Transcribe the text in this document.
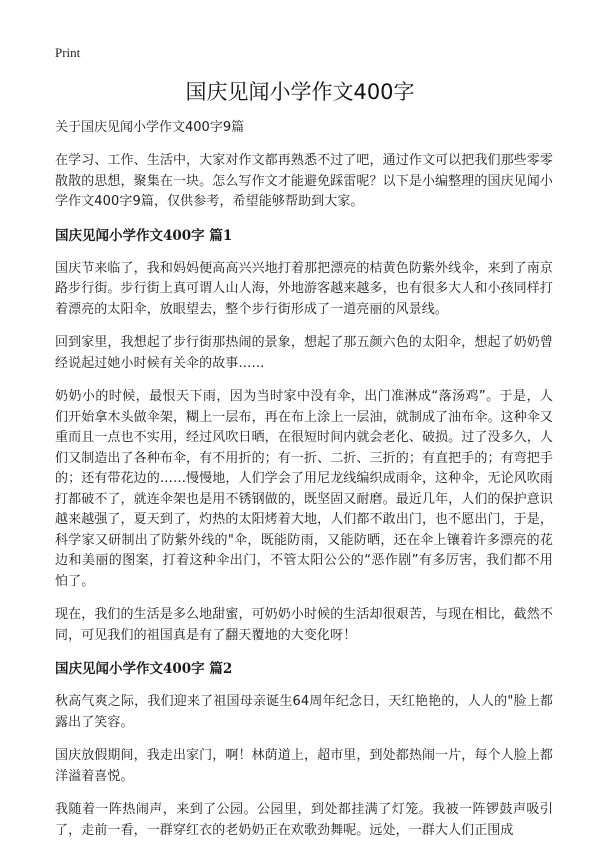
Print
国庆见闻小学作文400字

关于国庆见闻小学作文400字9篇

在学习、工作、生活中，大家对作文都再熟悉不过了吧，通过作文可以把我们那些零零散散的思想，聚集在一块。怎么写作文才能避免踩雷呢？以下是小编整理的国庆见闻小学作文400字9篇，仅供参考，希望能够帮助到大家。

国庆见闻小学作文400字 篇1

国庆节来临了，我和妈妈便高高兴兴地打着那把漂亮的桔黄色防紫外线伞，来到了南京路步行街。步行街上真可谓人山人海，外地游客越来越多，也有很多大人和小孩同样打着漂亮的太阳伞，放眼望去，整个步行街形成了一道亮丽的风景线。

回到家里，我想起了步行街那热闹的景象，想起了那五颜六色的太阳伞，想起了奶奶曾经说起过她小时候有关伞的故事……

奶奶小的时候，最恨天下雨，因为当时家中没有伞，出门准淋成“落汤鸡”。于是，人们开始拿木头做伞架，糊上一层布，再在布上涂上一层油，就制成了油布伞。这种伞又重而且一点也不实用，经过风吹日晒，在很短时间内就会老化、破损。过了没多久，人们又制造出了各种布伞，有不用折的；有一折、二折、三折的；有直把手的；有弯把手的；还有带花边的……慢慢地，人们学会了用尼龙线编织成雨伞，这种伞，无论风吹雨打都破不了，就连伞架也是用不锈钢做的，既坚固又耐磨。最近几年，人们的保护意识越来越强了，夏天到了，灼热的太阳烤着大地，人们都不敢出门，也不愿出门，于是，科学家又研制出了防紫外线的"伞，既能防雨，又能防晒，还在伞上镶着许多漂亮的花边和美丽的图案，打着这种伞出门，不管太阳公公的“恶作剧”有多厉害，我们都不用怕了。

现在，我们的生活是多么地甜蜜，可奶奶小时候的生活却很艰苦，与现在相比，截然不同，可见我们的祖国真是有了翻天覆地的大变化呀！

国庆见闻小学作文400字 篇2

秋高气爽之际，我们迎来了祖国母亲诞生64周年纪念日，天红艳艳的，人人的"脸上都露出了笑容。

国庆放假期间，我走出家门，啊！林荫道上，超市里，到处都热闹一片，每个人脸上都洋溢着喜悦。

我随着一阵热闹声，来到了公园。公园里，到处都挂满了灯笼。我被一阵锣鼓声吸引了，走前一看，一群穿红衣的老奶奶正在欢歌劲舞呢。远处，一群大人们正围成
